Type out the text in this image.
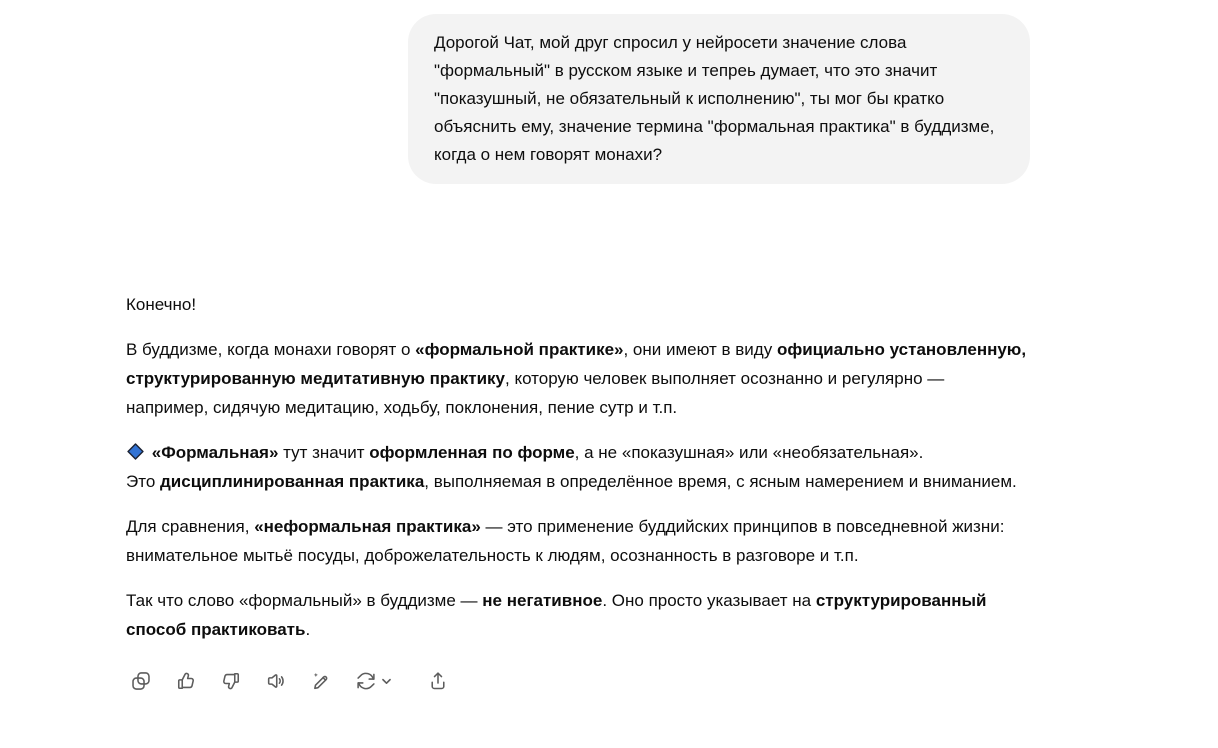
Дорогой Чат, мой друг спросил у нейросети значение слова "формальный" в русском языке и тепреь думает, что это значит "показушный, не обязательный к исполнению", ты мог бы кратко объяснить ему, значение термина "формальная практика" в буддизме, когда о нем говорят монахи?

Конечно!

В буддизме, когда монахи говорят о «формальной практике», они имеют в виду официально установленную, структурированную медитативную практику, которую человек выполняет осознанно и регулярно — например, сидячую медитацию, ходьбу, поклонения, пение сутр и т.п.

«Формальная» тут значит оформленная по форме, а не «показушная» или «необязательная».
Это дисциплинированная практика, выполняемая в определённое время, с ясным намерением и вниманием.

Для сравнения, «неформальная практика» — это применение буддийских принципов в повседневной жизни: внимательное мытьё посуды, доброжелательность к людям, осознанность в разговоре и т.п.

Так что слово «формальный» в буддизме — не негативное. Оно просто указывает на структурированный способ практиковать.
